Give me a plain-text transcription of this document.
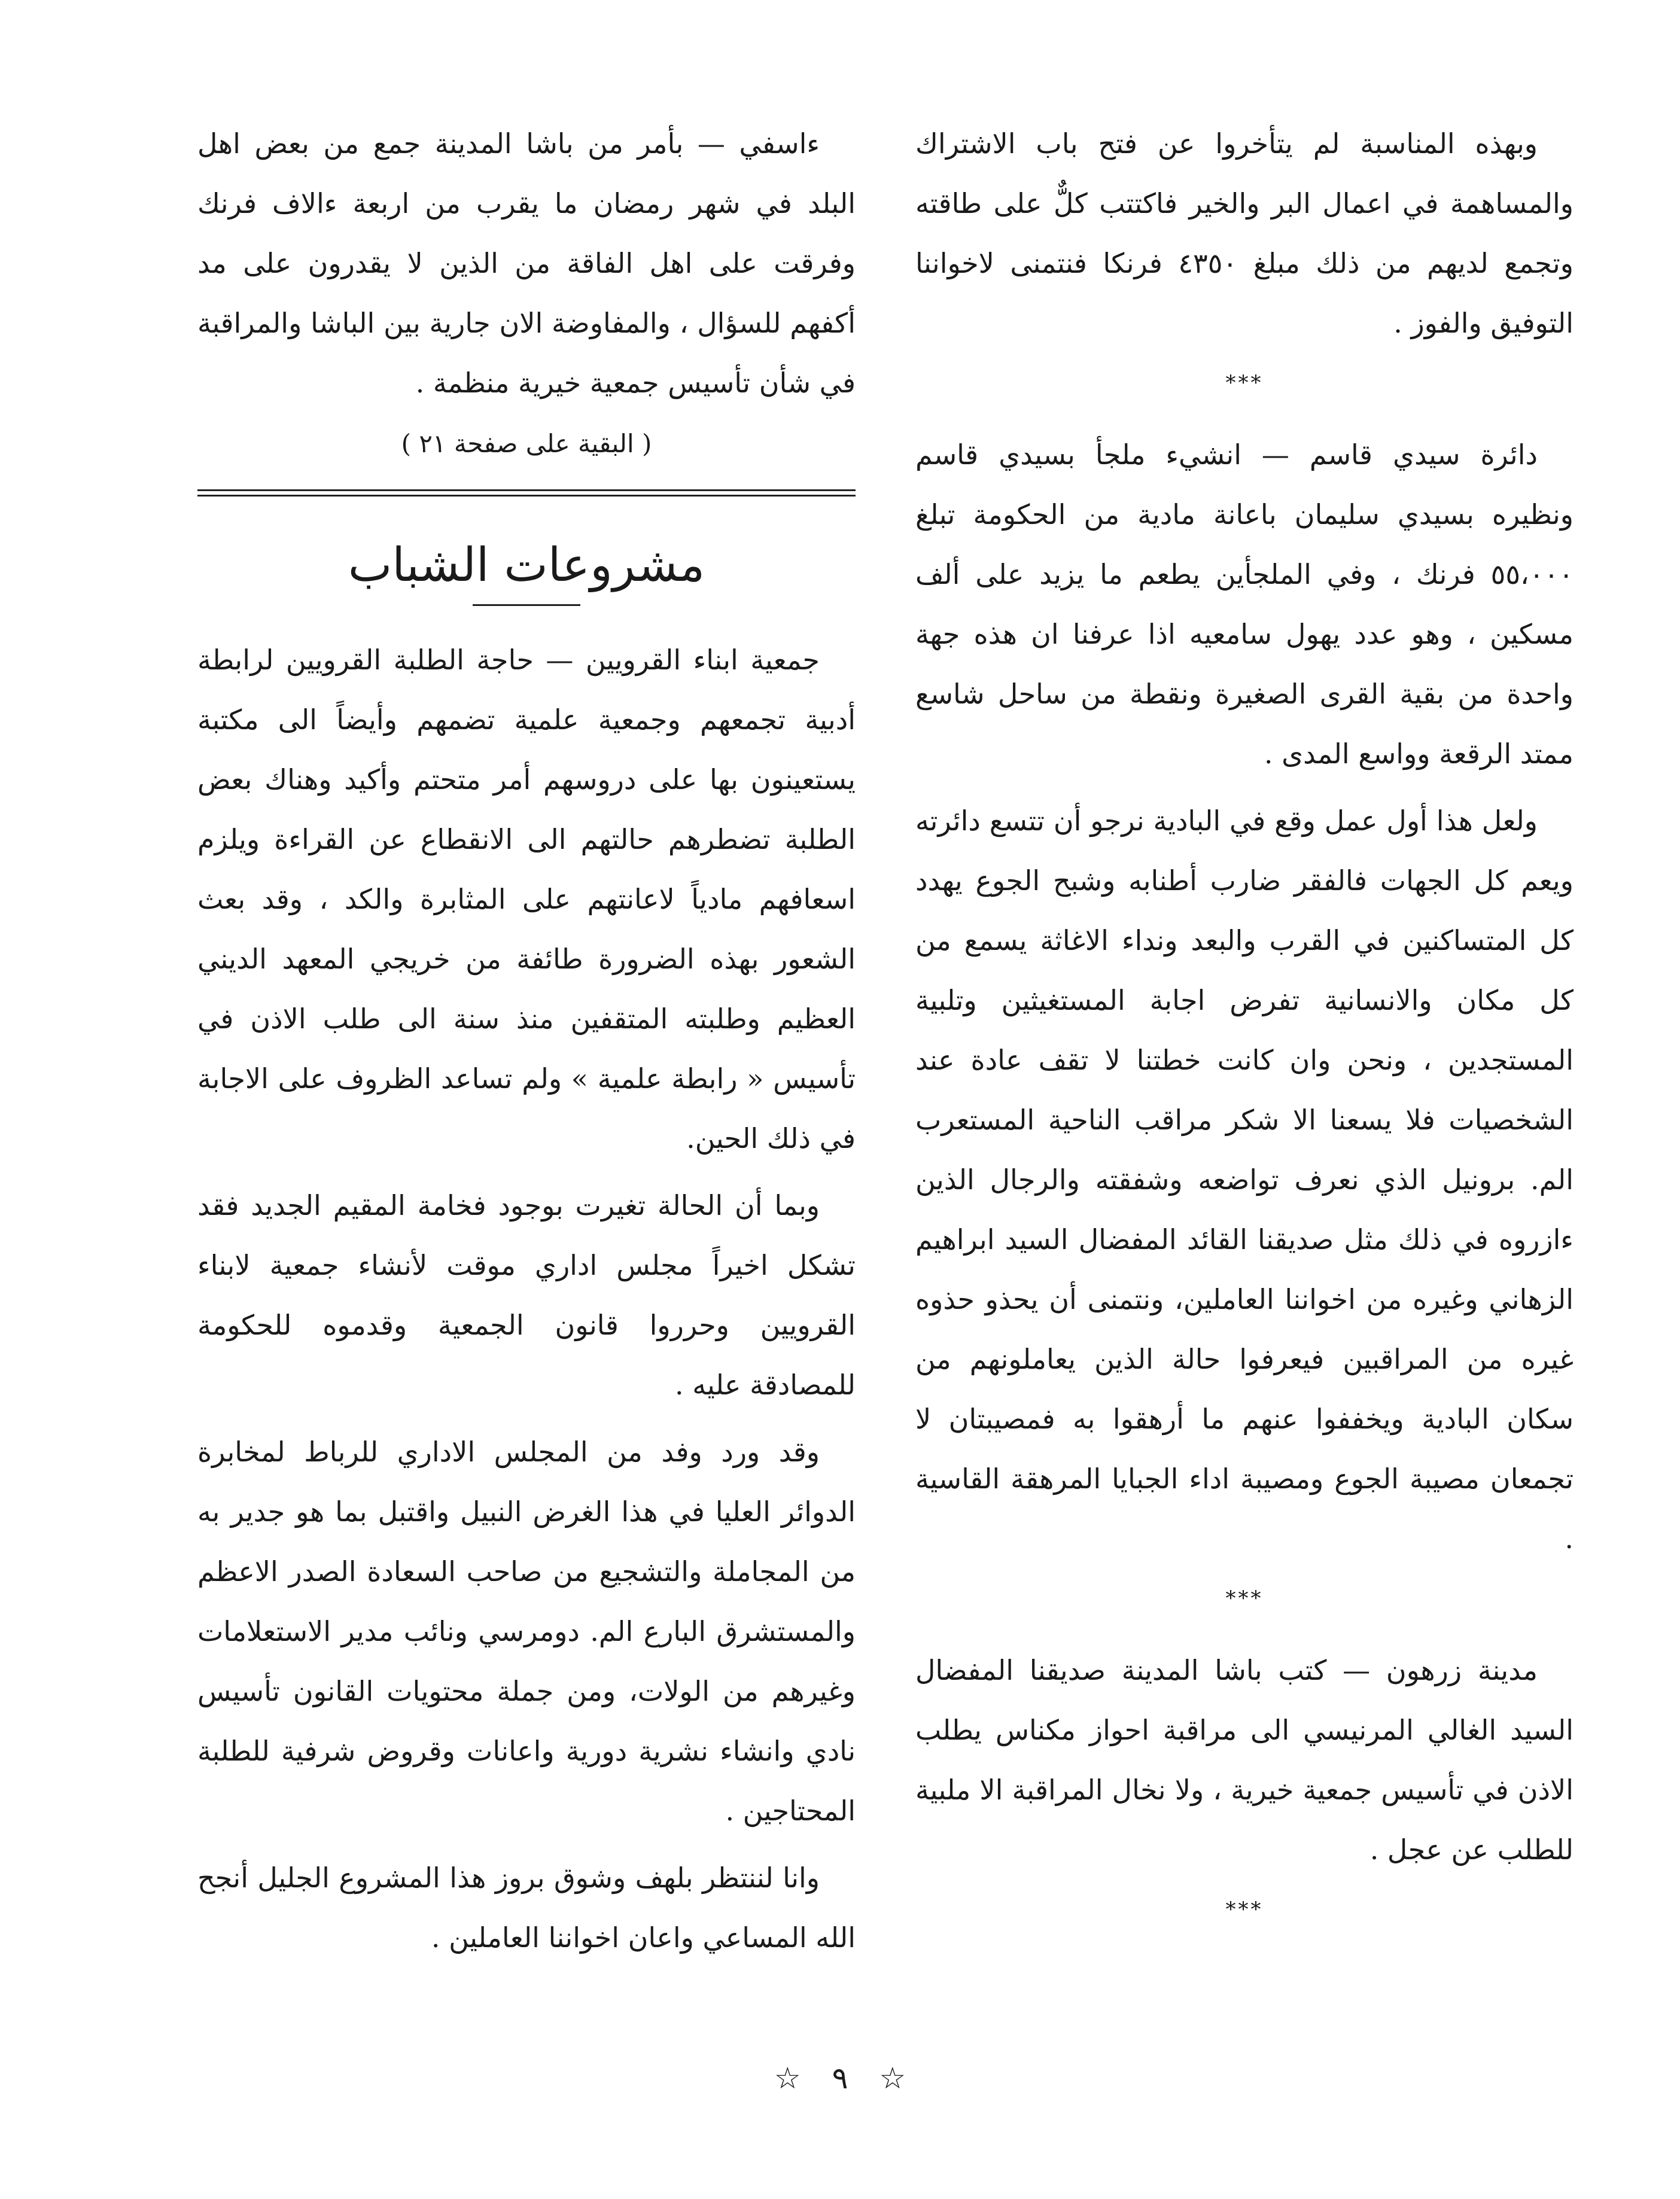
وبهذه المناسبة لم يتأخروا عن فتح باب الاشتراك والمساهمة في اعمال البر والخير فاكتتب كلٌّ على طاقته وتجمع لديهم من ذلك مبلغ ٤٣٥٠ فرنكا فنتمنى لاخواننا التوفيق والفوز .

***

دائرة سيدي قاسم — انشيء ملجأ بسيدي قاسم ونظيره بسيدي سليمان باعانة مادية من الحكومة تبلغ ٥٥،٠٠٠ فرنك ، وفي الملجأين يطعم ما يزيد على ألف مسكين ، وهو عدد يهول سامعيه اذا عرفنا ان هذه جهة واحدة من بقية القرى الصغيرة ونقطة من ساحل شاسع ممتد الرقعة وواسع المدى .

ولعل هذا أول عمل وقع في البادية نرجو أن تتسع دائرته ويعم كل الجهات فالفقر ضارب أطنابه وشبح الجوع يهدد كل المتساكنين في القرب والبعد ونداء الاغاثة يسمع من كل مكان والانسانية تفرض اجابة المستغيثين وتلبية المستجدين ، ونحن وان كانت خطتنا لا تقف عادة عند الشخصيات فلا يسعنا الا شكر مراقب الناحية المستعرب الم. برونيل الذي نعرف تواضعه وشفقته والرجال الذين ءازروه في ذلك مثل صديقنا القائد المفضال السيد ابراهيم الزهاني وغيره من اخواننا العاملين، ونتمنى أن يحذو حذوه غيره من المراقبين فيعرفوا حالة الذين يعاملونهم من سكان البادية ويخففوا عنهم ما أرهقوا به فمصيبتان لا تجمعان مصيبة الجوع ومصيبة اداء الجبايا المرهقة القاسية .

***

مدينة زرهون — كتب باشا المدينة صديقنا المفضال السيد الغالي المرنيسي الى مراقبة احواز مكناس يطلب الاذن في تأسيس جمعية خيرية ، ولا نخال المراقبة الا ملبية للطلب عن عجل .

***

ءاسفي — بأمر من باشا المدينة جمع من بعض اهل البلد في شهر رمضان ما يقرب من اربعة ءالاف فرنك وفرقت على اهل الفاقة من الذين لا يقدرون على مد أكفهم للسؤال ، والمفاوضة الان جارية بين الباشا والمراقبة في شأن تأسيس جمعية خيرية منظمة .

( البقية على صفحة ٢١ )
مشروعات الشباب

جمعية ابناء القرويين — حاجة الطلبة القرويين لرابطة أدبية تجمعهم وجمعية علمية تضمهم وأيضاً الى مكتبة يستعينون بها على دروسهم أمر متحتم وأكيد وهناك بعض الطلبة تضطرهم حالتهم الى الانقطاع عن القراءة ويلزم اسعافهم مادياً لاعانتهم على المثابرة والكد ، وقد بعث الشعور بهذه الضرورة طائفة من خريجي المعهد الديني العظيم وطلبته المتقفين منذ سنة الى طلب الاذن في تأسيس « رابطة علمية » ولم تساعد الظروف على الاجابة في ذلك الحين.

وبما أن الحالة تغيرت بوجود فخامة المقيم الجديد فقد تشكل اخيراً مجلس اداري موقت لأنشاء جمعية لابناء القرويين وحرروا قانون الجمعية وقدموه للحكومة للمصادقة عليه .

وقد ورد وفد من المجلس الاداري للرباط لمخابرة الدوائر العليا في هذا الغرض النبيل واقتبل بما هو جدير به من المجاملة والتشجيع من صاحب السعادة الصدر الاعظم والمستشرق البارع الم. دومرسي ونائب مدير الاستعلامات وغيرهم من الولات، ومن جملة محتويات القانون تأسيس نادي وانشاء نشرية دورية واعانات وقروض شرفية للطلبة المحتاجين .

وانا لننتظر بلهف وشوق بروز هذا المشروع الجليل أنجح الله المساعي واعان اخواننا العاملين .

☆ ٩ ☆
